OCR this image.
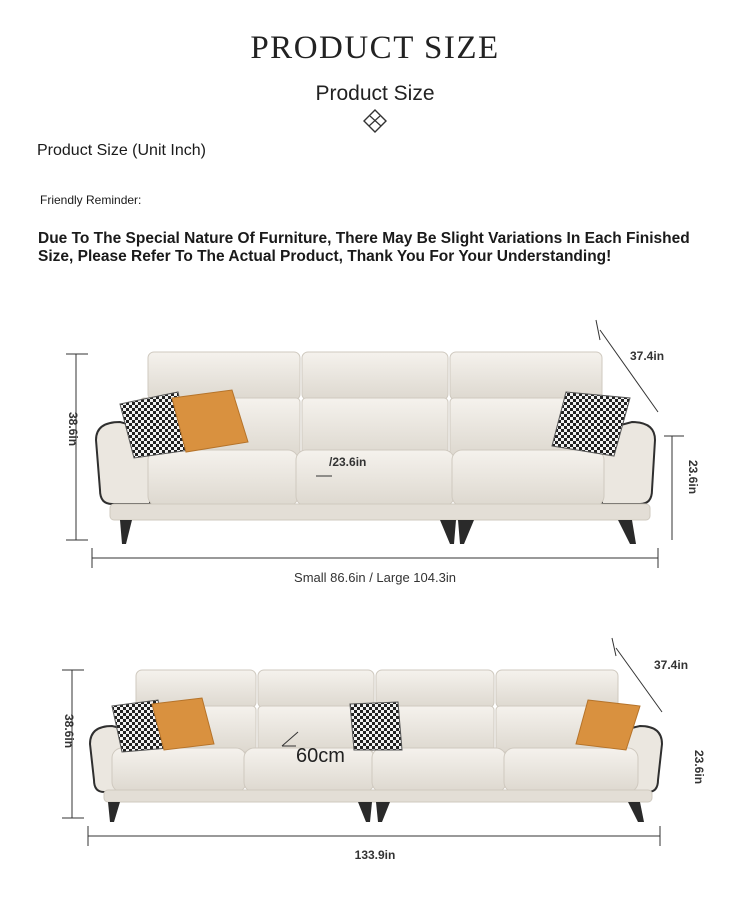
PRODUCT SIZE
Product Size
Product Size (Unit Inch)
Friendly Reminder:
Due To The Special Nature Of Furniture, There May Be Slight Variations In Each Finished Size, Please Refer To The Actual Product, Thank You For Your Understanding!
38.6in
37.4in
23.6in
/23.6in
Small 86.6in / Large 104.3in
38.6in
37.4in
23.6in
60cm
133.9in
